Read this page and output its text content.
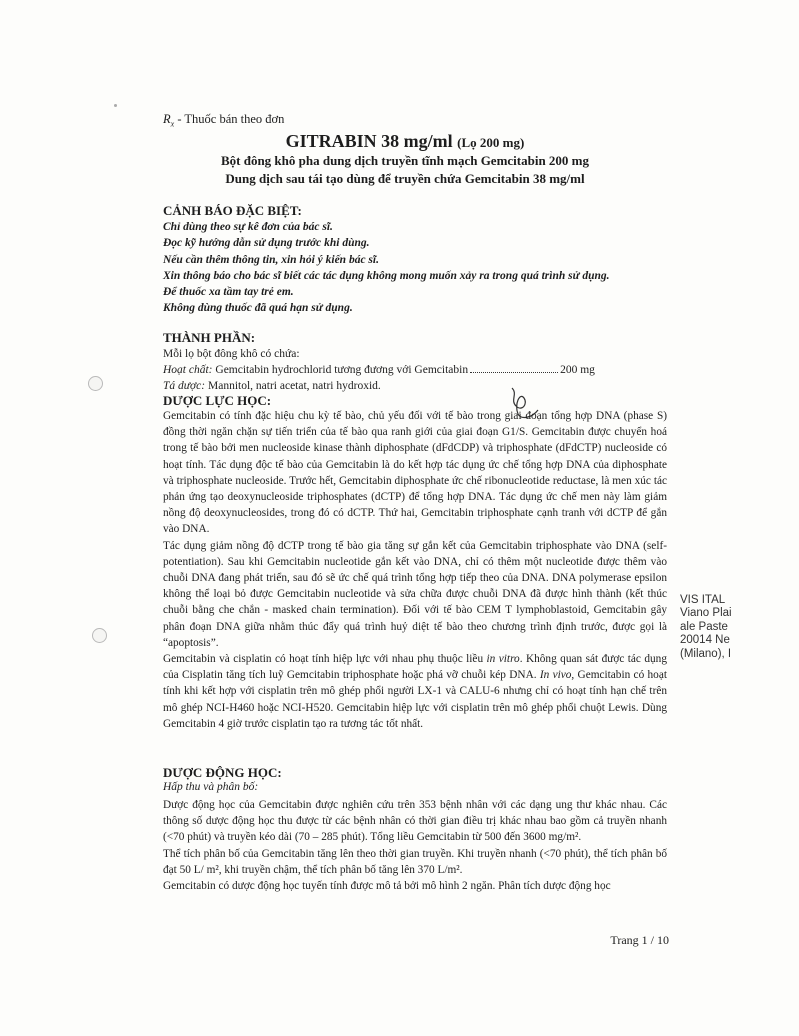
$R_x$ - Thuốc bán theo đơn
GITRABIN 38 mg/ml (Lọ 200 mg)
Bột đông khô pha dung dịch truyền tĩnh mạch Gemcitabin 200 mg
Dung dịch sau tái tạo dùng để truyền chứa Gemcitabin 38 mg/ml
CẢNH BÁO ĐẶC BIỆT:
Chỉ dùng theo sự kê đơn của bác sĩ.
Đọc kỹ hướng dẫn sử dụng trước khi dùng.
Nếu cần thêm thông tin, xin hỏi ý kiến bác sĩ.
Xin thông báo cho bác sĩ biết các tác dụng không mong muốn xảy ra trong quá trình sử dụng.
Để thuốc xa tầm tay trẻ em.
Không dùng thuốc đã quá hạn sử dụng.
THÀNH PHẦN:
Mỗi lọ bột đông khô có chứa:
Hoạt chất: Gemcitabin hydrochlorid tương đương với Gemcitabin	200 mg
Tá dược: Mannitol, natri acetat, natri hydroxid.
DƯỢC LỰC HỌC:

Gemcitabin có tính đặc hiệu chu kỳ tế bào, chủ yếu đối với tế bào trong giai đoạn tổng hợp DNA (phase S) đồng thời ngăn chặn sự tiến triển của tế bào qua ranh giới của giai đoạn G1/S. Gemcitabin được chuyển hoá trong tế bào bởi men nucleoside kinase thành diphosphate (dFdCDP) và triphosphate (dFdCTP) nucleoside có hoạt tính. Tác dụng độc tế bào của Gemcitabin là do kết hợp tác dụng ức chế tổng hợp DNA của diphosphate và triphosphate nucleoside. Trước hết, Gemcitabin diphosphate ức chế ribonucleotide reductase, là men xúc tác phản ứng tạo deoxynucleoside triphosphates (dCTP) để tổng hợp DNA. Tác dụng ức chế men này làm giảm nồng độ deoxynucleosides, trong đó có dCTP. Thứ hai, Gemcitabin triphosphate cạnh tranh với dCTP để gắn vào DNA.

Tác dụng giảm nồng độ dCTP trong tế bào gia tăng sự gắn kết của Gemcitabin triphosphate vào DNA (self-potentiation). Sau khi Gemcitabin nucleotide gắn kết vào DNA, chỉ có thêm một nucleotide được thêm vào chuỗi DNA đang phát triển, sau đó sẽ ức chế quá trình tổng hợp tiếp theo của DNA. DNA polymerase epsilon không thể loại bỏ được Gemcitabin nucleotide và sửa chữa được chuỗi DNA đã được hình thành (kết thúc chuỗi bằng che chắn - masked chain termination). Đối với tế bào CEM T lymphoblastoid, Gemcitabin gây phân đoạn DNA giữa nhằm thúc đẩy quá trình huỷ diệt tế bào theo chương trình định trước, được gọi là “apoptosis”.

Gemcitabin và cisplatin có hoạt tính hiệp lực với nhau phụ thuộc liều in vitro. Không quan sát được tác dụng của Cisplatin tăng tích luỹ Gemcitabin triphosphate hoặc phá vỡ chuỗi kép DNA. In vivo, Gemcitabin có hoạt tính khi kết hợp với cisplatin trên mô ghép phổi người LX-1 và CALU-6 nhưng chỉ có hoạt tính hạn chế trên mô ghép NCI-H460 hoặc NCI-H520. Gemcitabin hiệp lực với cisplatin trên mô ghép phổi chuột Lewis. Dùng Gemcitabin 4 giờ trước cisplatin tạo ra tương tác tốt nhất.

DƯỢC ĐỘNG HỌC:
Hấp thu và phân bố:

Dược động học của Gemcitabin được nghiên cứu trên 353 bệnh nhân với các dạng ung thư khác nhau. Các thông số dược động học thu được từ các bệnh nhân có thời gian điều trị khác nhau bao gồm cả truyền nhanh (<70 phút) và truyền kéo dài (70 – 285 phút). Tổng liều Gemcitabin từ 500 đến 3600 mg/m².

Thể tích phân bố của Gemcitabin tăng lên theo thời gian truyền. Khi truyền nhanh (<70 phút), thể tích phân bố đạt 50 L/ m², khi truyền chậm, thể tích phân bố tăng lên 370 L/m².

Gemcitabin có dược động học tuyến tính được mô tả bởi mô hình 2 ngăn. Phân tích dược động học

VIS ITAL
Viano Plai
ale Paste
20014 Ne
(Milano), I
Trang 1 / 10
